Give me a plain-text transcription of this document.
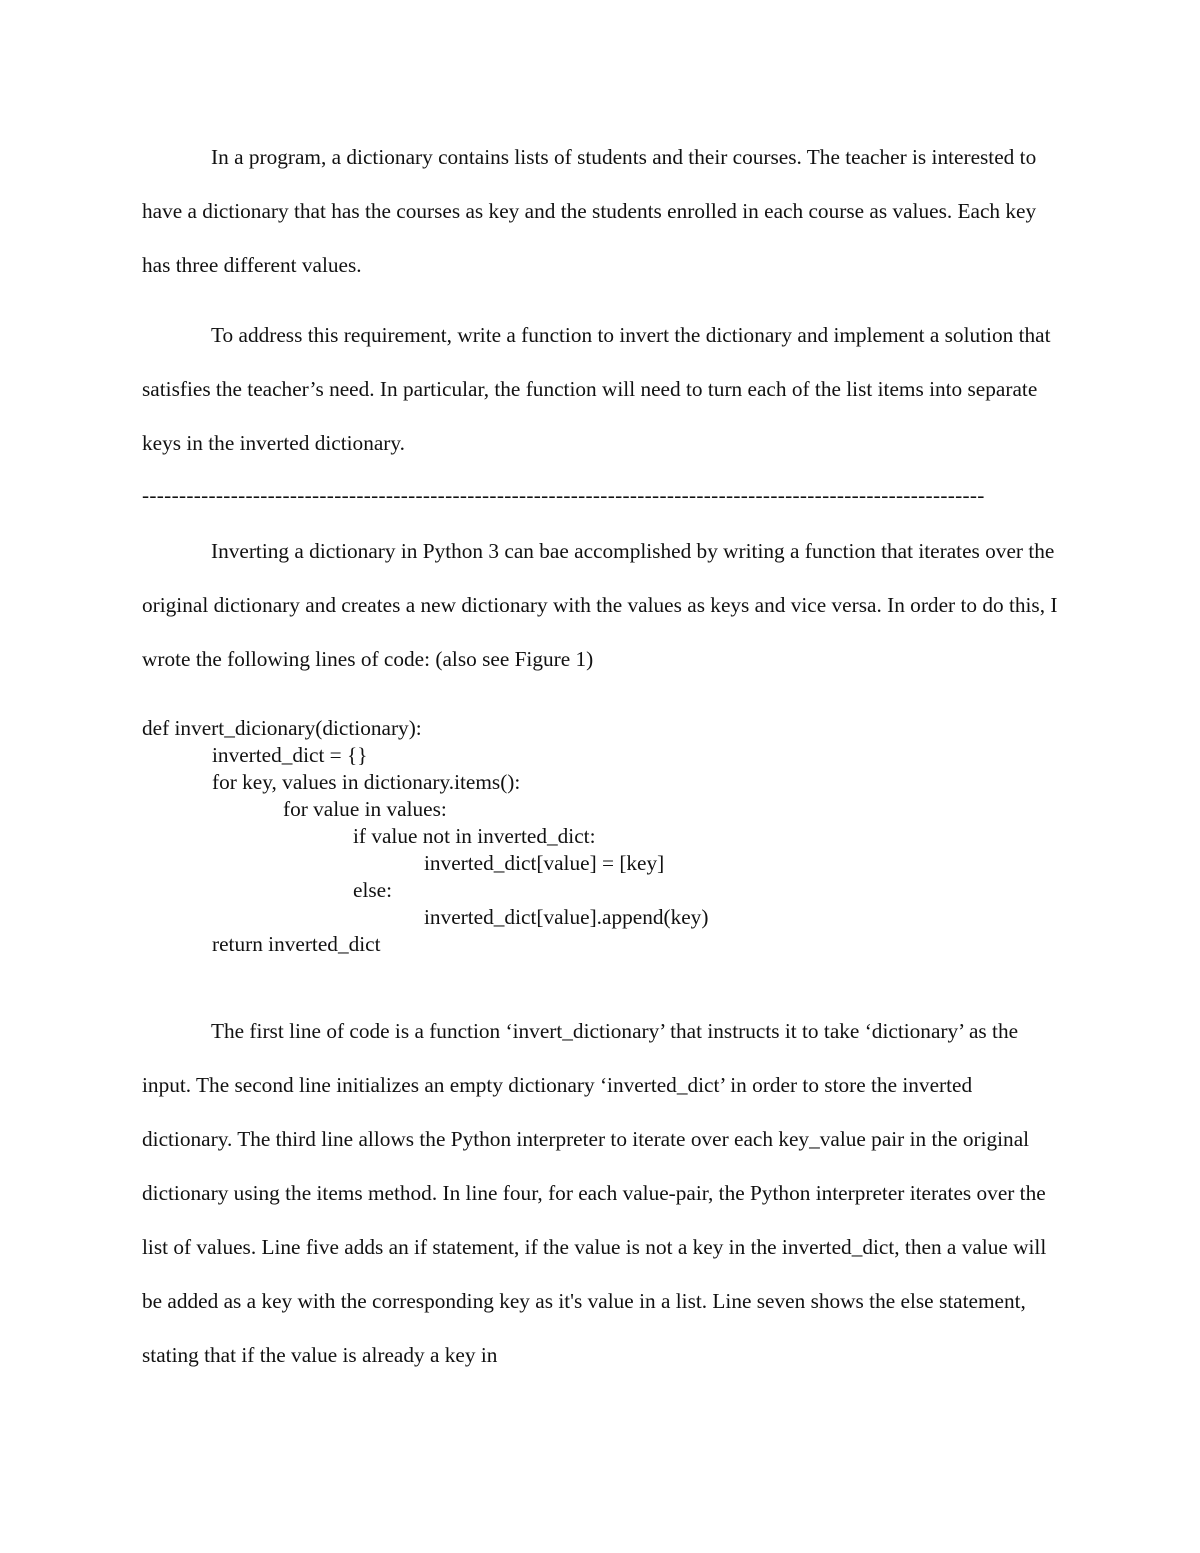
In a program, a dictionary contains lists of students and their courses. The teacher is interested to have a dictionary that has the courses as key and the students enrolled in each course as values. Each key has three different values.

To address this requirement, write a function to invert the dictionary and implement a solution that satisfies the teacher’s need. In particular, the function will need to turn each of the list items into separate keys in the inverted dictionary.

------------------------------------------------------------------------------------------------------------------

Inverting a dictionary in Python 3 can bae accomplished by writing a function that iterates over the original dictionary and creates a new dictionary with the values as keys and vice versa. In order to do this, I wrote the following lines of code: (also see Figure 1)

def invert_dicionary(dictionary):
inverted_dict = {}
for key, values in dictionary.items():
for value in values:
if value not in inverted_dict:
inverted_dict[value] = [key]
else:
inverted_dict[value].append(key)
return inverted_dict

The first line of code is a function ‘invert_dictionary’ that instructs it to take ‘dictionary’ as the input. The second line initializes an empty dictionary ‘inverted_dict’ in order to store the inverted dictionary. The third line allows the Python interpreter to iterate over each key_value pair in the original dictionary using the items method. In line four, for each value-pair, the Python interpreter iterates over the list of values. Line five adds an if statement, if the value is not a key in the inverted_dict, then a value will be added as a key with the corresponding key as it's value in a list. Line seven shows the else statement, stating that if the value is already a key in
